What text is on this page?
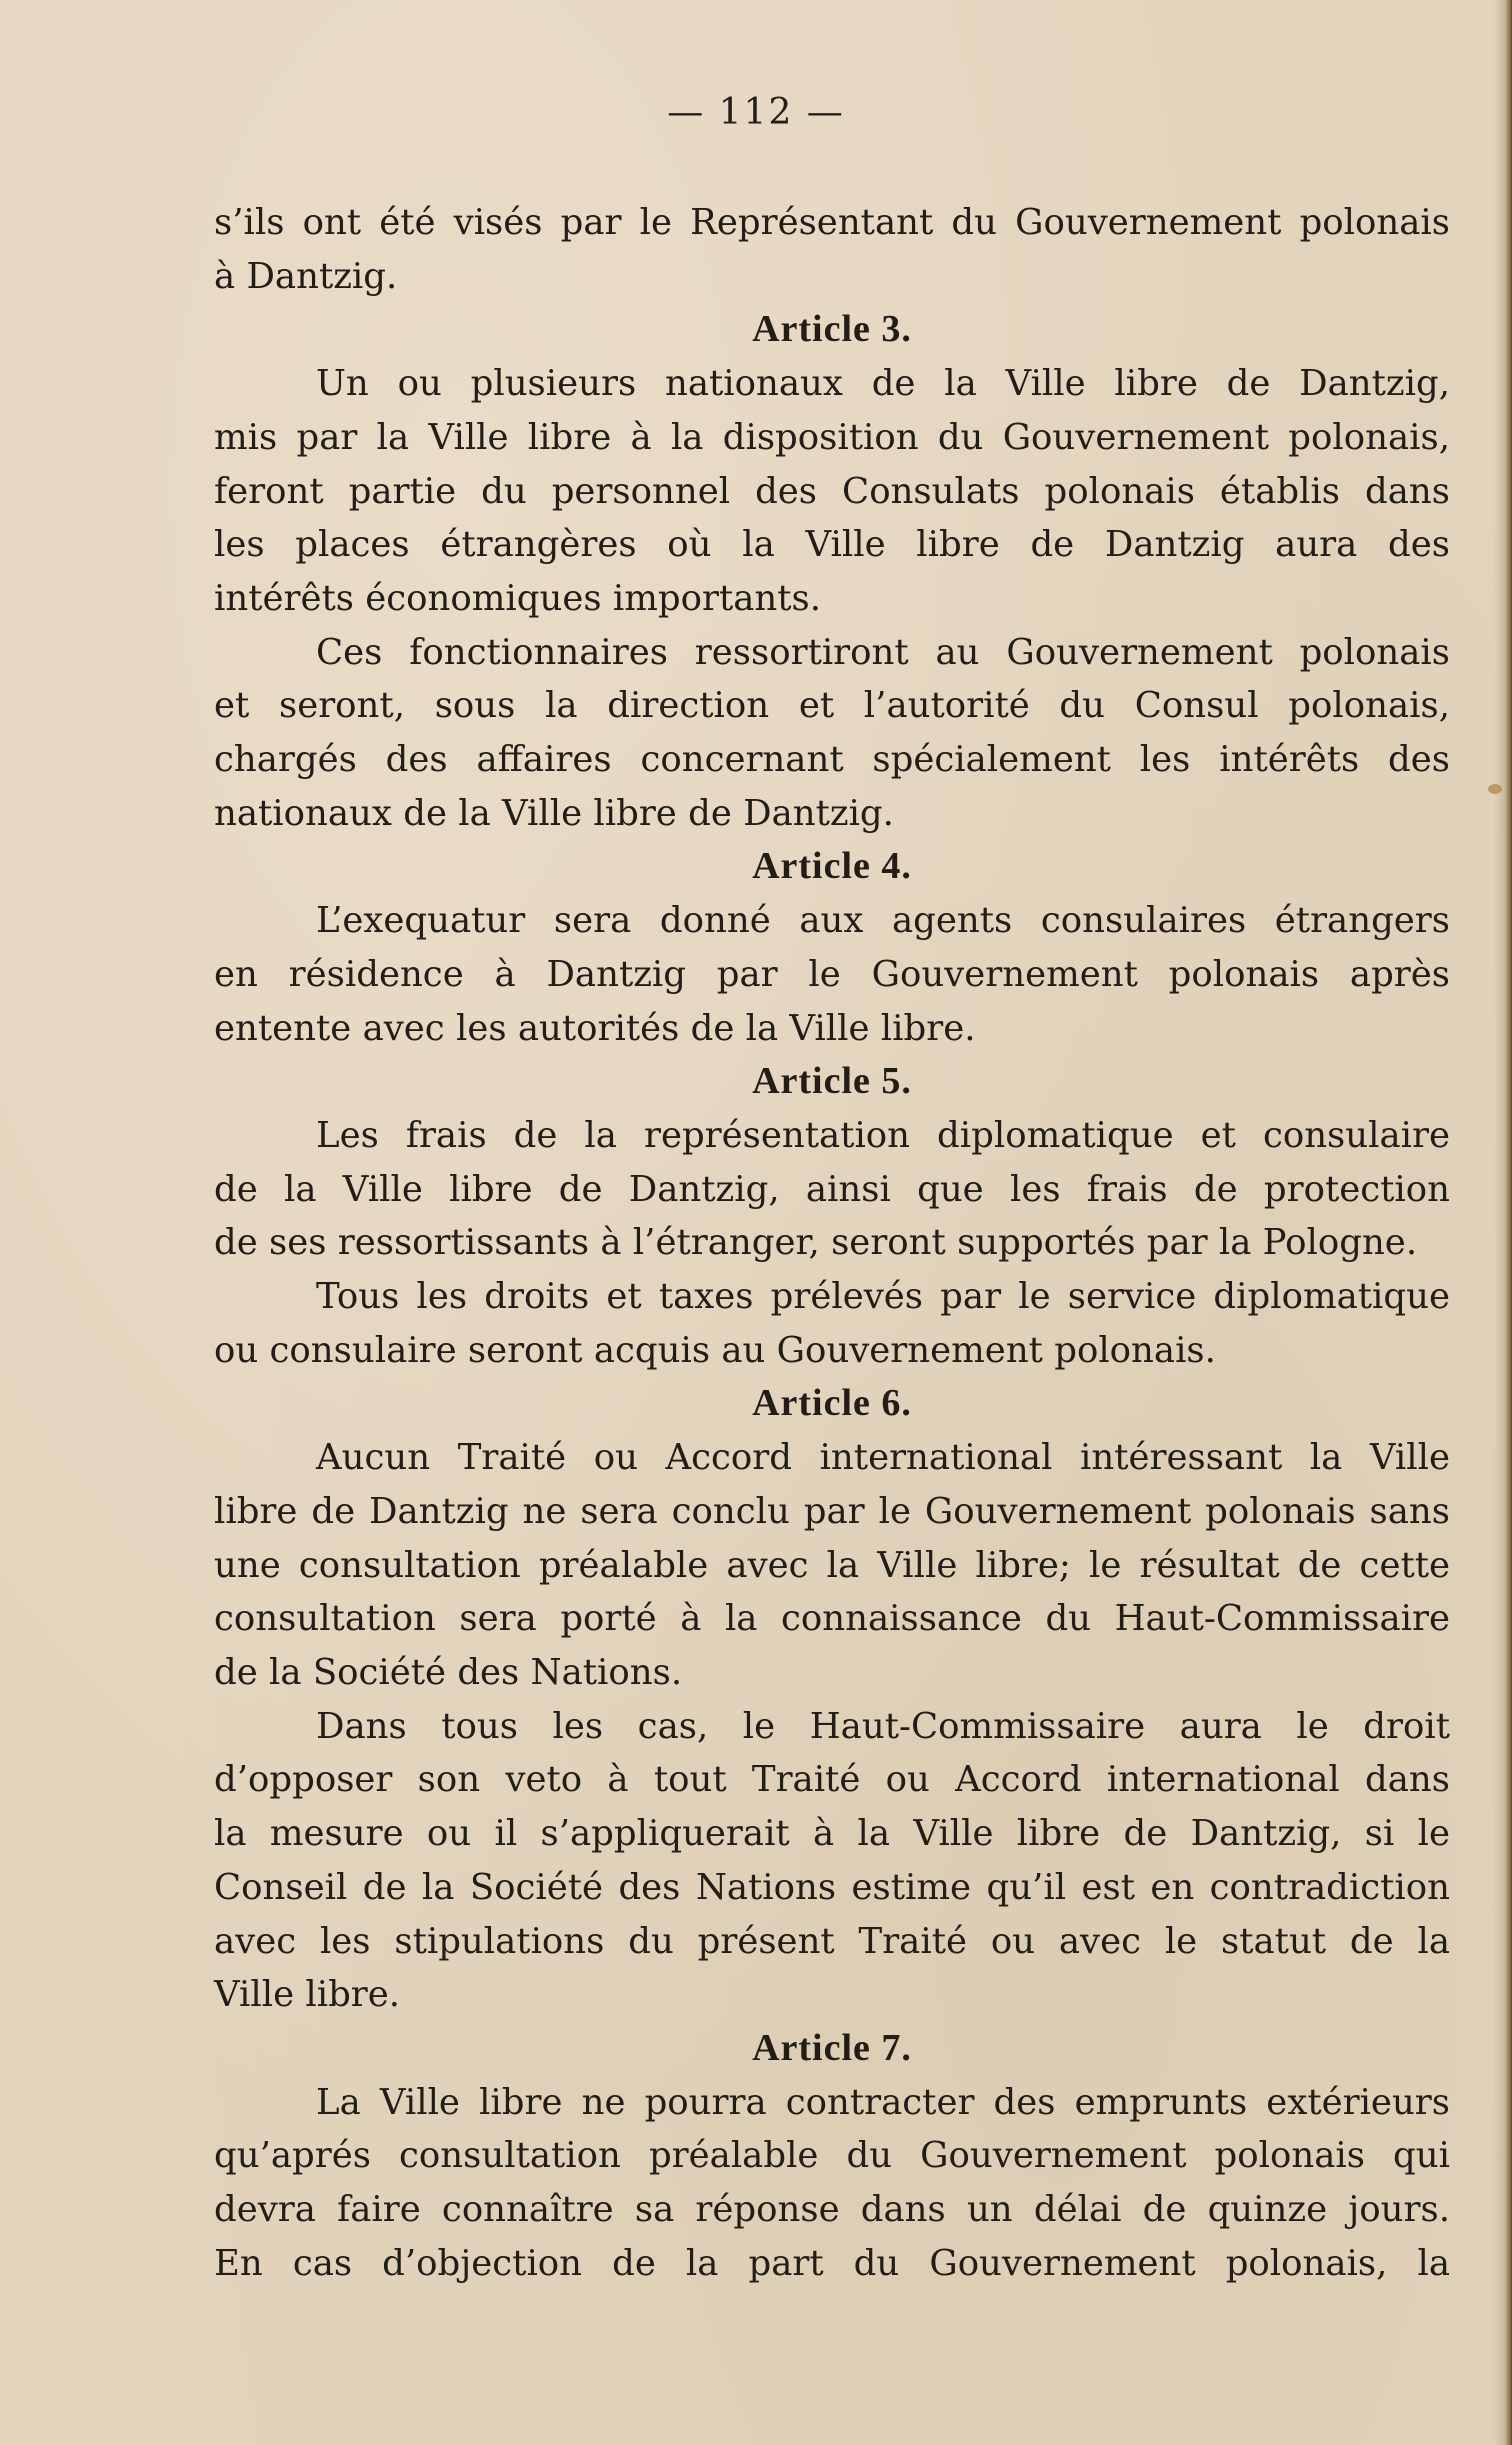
— 112 —
s’ils ont été visés par le Représentant du Gouvernement polonais
à Dantzig.
Article 3.
Un ou plusieurs nationaux de la Ville libre de Dantzig,
mis par la Ville libre à la disposition du Gouvernement polonais,
feront partie du personnel des Consulats polonais établis dans
les places étrangères où la Ville libre de Dantzig aura des
intérêts économiques importants.
Ces fonctionnaires ressortiront au Gouvernement polonais
et seront, sous la direction et l’autorité du Consul polonais,
chargés des affaires concernant spécialement les intérêts des
nationaux de la Ville libre de Dantzig.
Article 4.
L’exequatur sera donné aux agents consulaires étrangers
en résidence à Dantzig par le Gouvernement polonais après
entente avec les autorités de la Ville libre.
Article 5.
Les frais de la représentation diplomatique et consulaire
de la Ville libre de Dantzig, ainsi que les frais de protection
de ses ressortissants à l’étranger, seront supportés par la Pologne.
Tous les droits et taxes prélevés par le service diplomatique
ou consulaire seront acquis au Gouvernement polonais.
Article 6.
Aucun Traité ou Accord international intéressant la Ville
libre de Dantzig ne sera conclu par le Gouvernement polonais sans
une consultation préalable avec la Ville libre; le résultat de cette
consultation sera porté à la connaissance du Haut-Commissaire
de la Société des Nations.
Dans tous les cas, le Haut-Commissaire aura le droit
d’opposer son veto à tout Traité ou Accord international dans
la mesure ou il s’appliquerait à la Ville libre de Dantzig, si le
Conseil de la Société des Nations estime qu’il est en contradiction
avec les stipulations du présent Traité ou avec le statut de la
Ville libre.
Article 7.
La Ville libre ne pourra contracter des emprunts extérieurs
qu’aprés consultation préalable du Gouvernement polonais qui
devra faire connaître sa réponse dans un délai de quinze jours.
En cas d’objection de la part du Gouvernement polonais, la
